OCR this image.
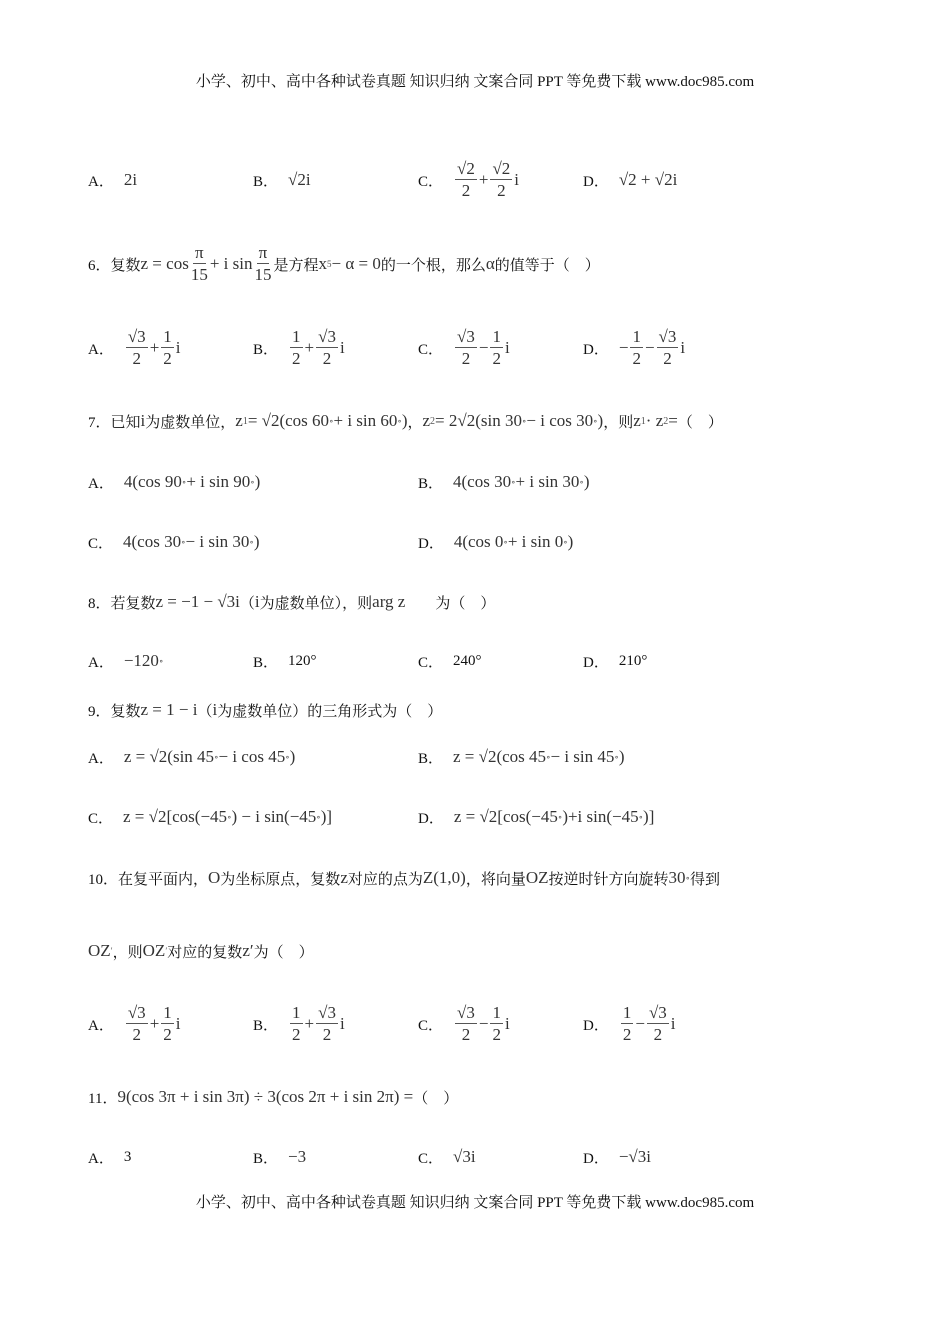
小学、初中、高中各种试卷真题 知识归纳 文案合同 PPT 等免费下载 www.doc985.com
A． 2i	B． √2i	C． $\frac{√2}{2} + \frac{√2}{2}$ i	D． √2 + √2i
6．复数 $z = \cos \frac{\pi}{15} + i$ $\sin \frac{\pi}{15}$ 是方程 x 5 − α = 0 的一个根，那么 α 的值等于（　）
A． $\frac{√3}{2} + \frac{1}{2}$ i	B． $\frac{1}{2} + \frac{√3}{2}$ i	C． $\frac{√3}{2} - \frac{1}{2}$ i	D． − $\frac{1}{2} - \frac{√3}{2}$ i
7．已知 i 为虚数单位， z 1 = √2(cos 60 ∘ + i sin 60 ∘ ) ， z 2 = 2√2(sin 30 ∘ − i cos 30 ∘ ) ，则 z 1 · z 2 = （　）
A． 4(cos 90 ∘ + i sin 90 ∘ )	B． 4(cos 30 ∘ + i sin 30 ∘ )
C． 4(cos 30 ∘ − i sin 30 ∘ )	D． 4(cos 0 ∘ + i sin 0 ∘ )
8．若复数 z = −1 − √3i （ i 为虚数单位），则 arg z 　　为（　）
A． −120 ∘	B． 120°	C． 240°	D． 210°
9．复数 z = 1 − i （ i 为虚数单位）的三角形式为（　）
A． z = √2(sin 45 ∘ − i cos 45 ∘ )	B． z = √2(cos 45 ∘ − i sin 45 ∘ )
C． z = √2[cos(−45 ∘ ) − i sin(−45 ∘ )]	D． z = √2[cos(−45 ∘ )+i sin(−45 ∘ )]
10．在复平面内， O 为坐标原点，复数 z 对应的点为 Z(1,0) ，将向量 OZ 按逆时针方向旋转 30 ∘ 得到
OZ ′ ，则 OZ ′ 对应的复数 z′ 为（　）
A． $\frac{√3}{2} + \frac{1}{2}$ i	B． $\frac{1}{2} + \frac{√3}{2}$ i	C． $\frac{√3}{2} - \frac{1}{2}$ i	D． $\frac{1}{2} - \frac{√3}{2}$ i
11． 9(cos 3π + i sin 3π) ÷ 3(cos 2π + i sin 2π) = （　）
A． 3	B． −3	C． √3i	D． −√3i
小学、初中、高中各种试卷真题 知识归纳 文案合同 PPT 等免费下载 www.doc985.com
